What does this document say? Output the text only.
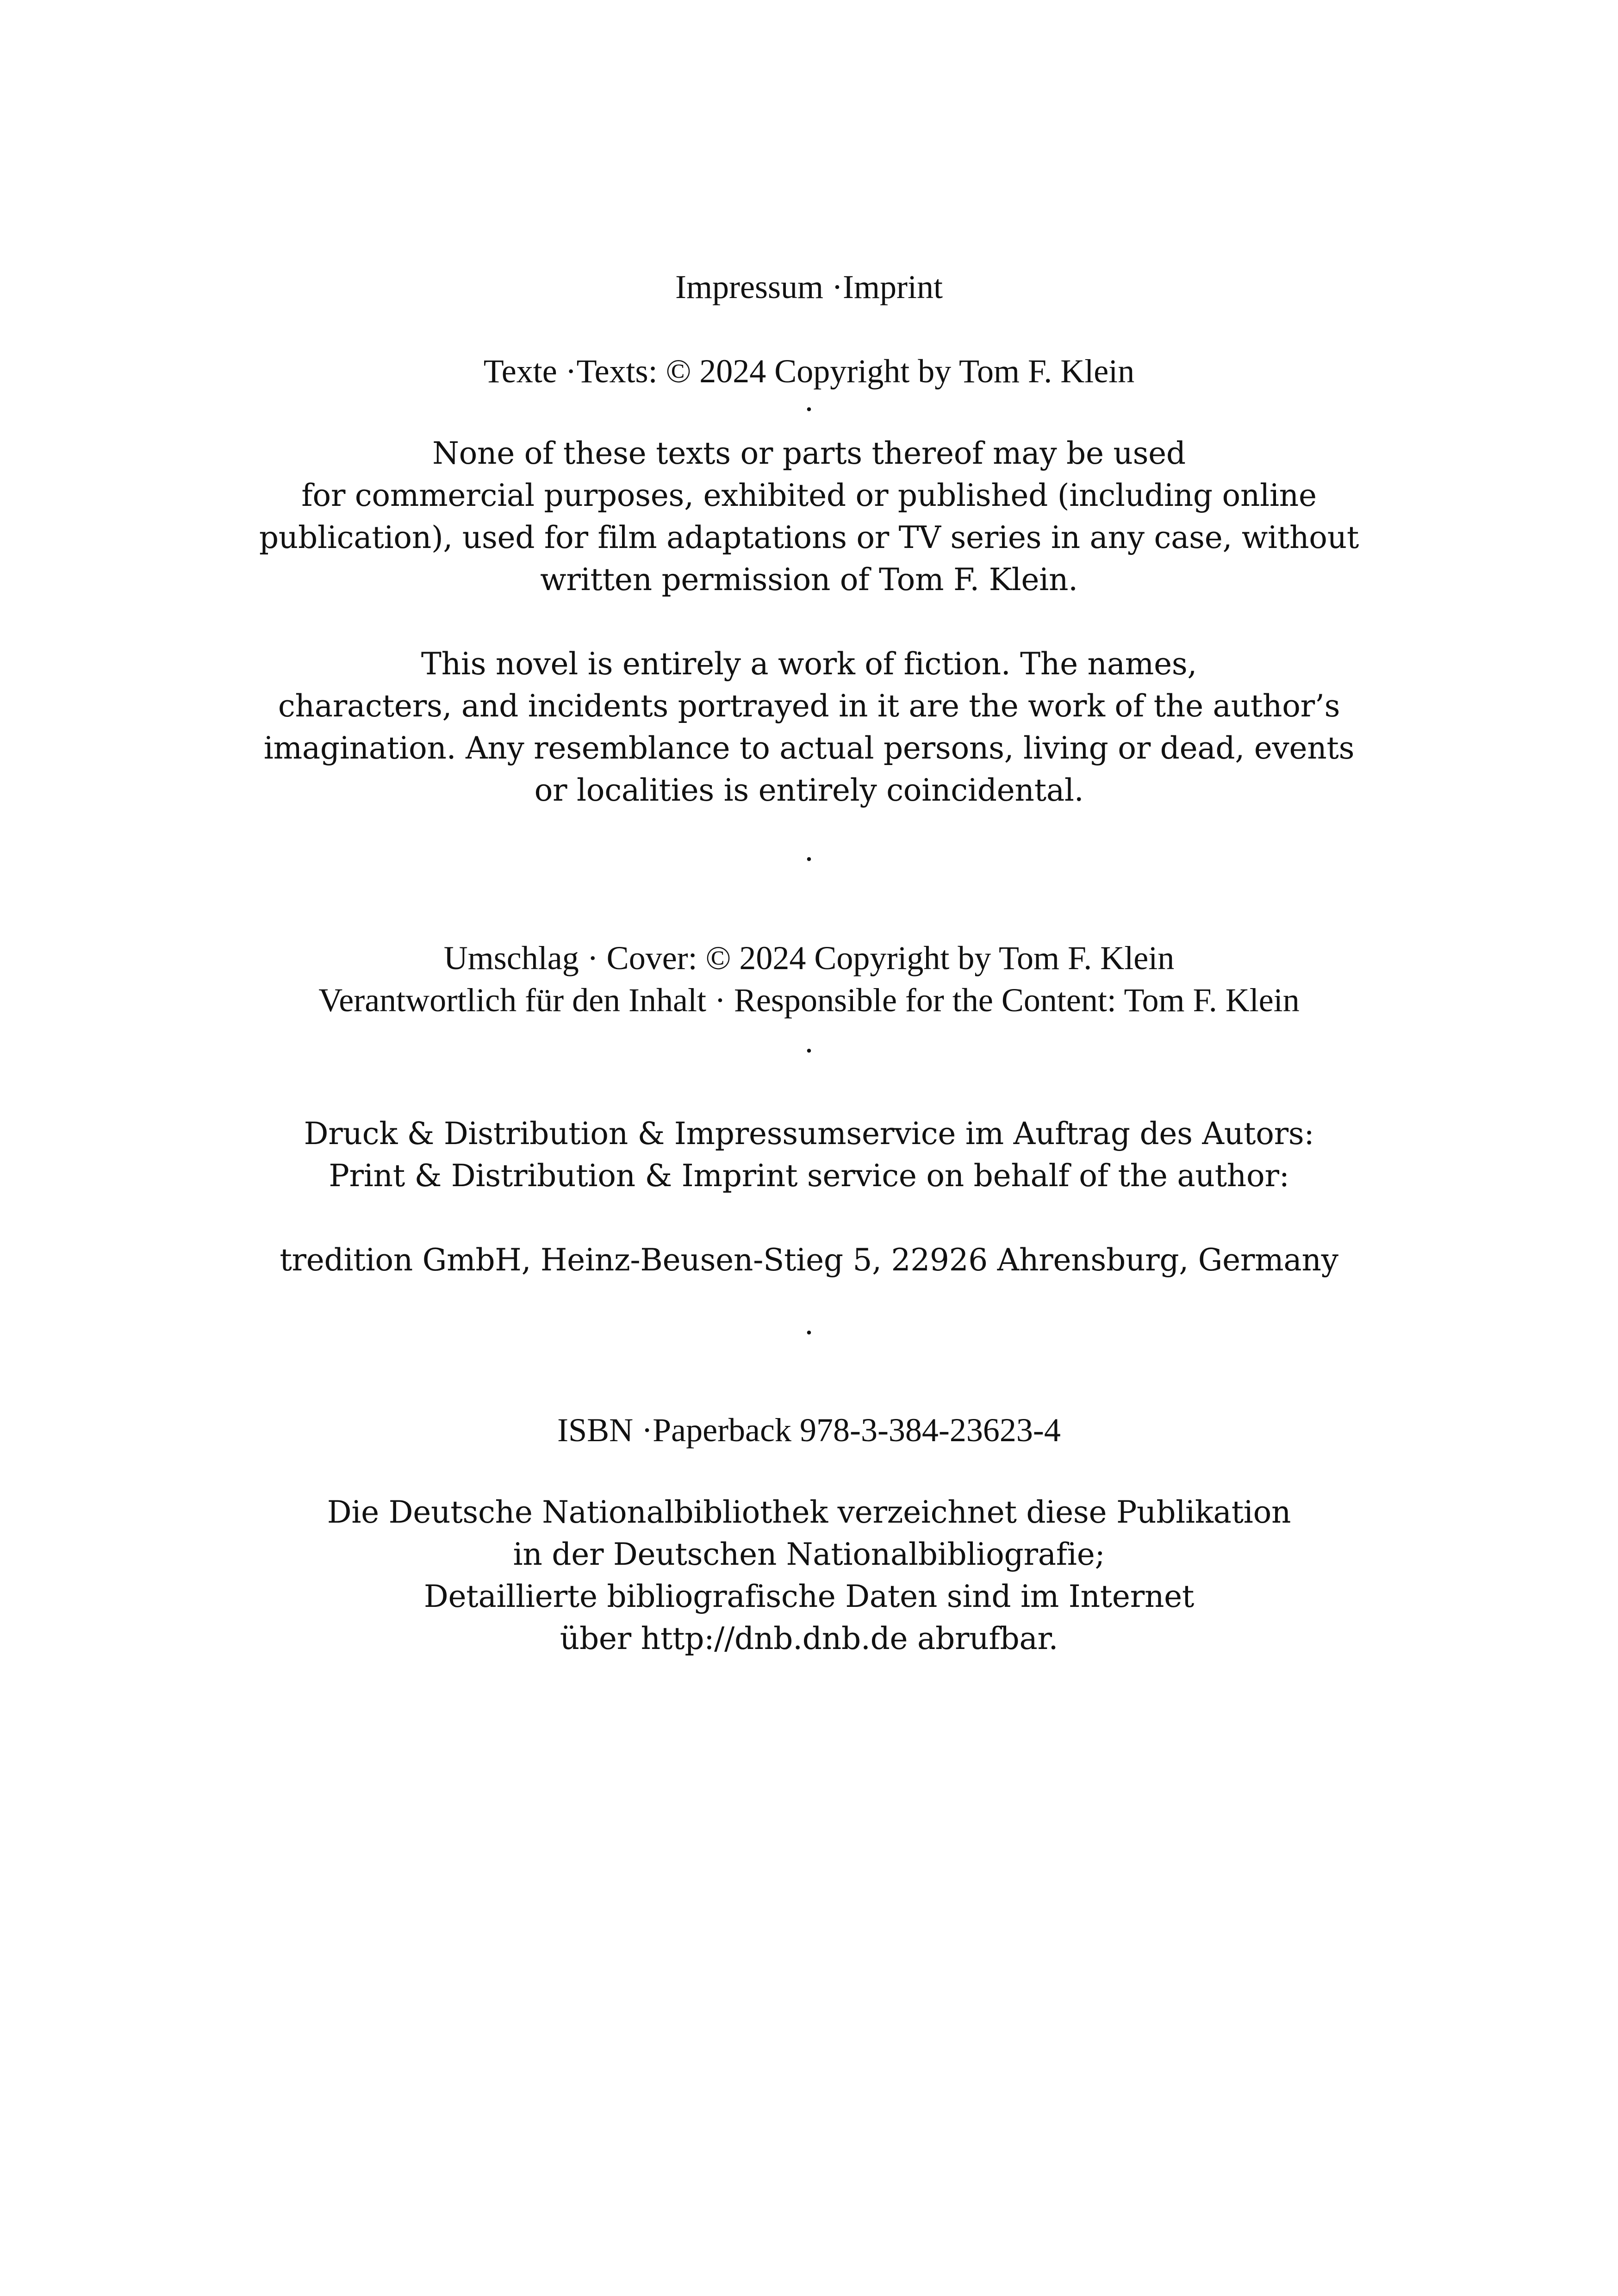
Impressum ·Imprint
Texte ·Texts: © 2024 Copyright by Tom F. Klein
·
None of these texts or parts thereof may be used
for commercial purposes, exhibited or published (including online
publication), used for film adaptations or TV series in any case, without
written permission of Tom F. Klein.
This novel is entirely a work of fiction. The names,
characters, and incidents portrayed in it are the work of the author’s
imagination. Any resemblance to actual persons, living or dead, events
or localities is entirely coincidental.
·
Umschlag · Cover: © 2024 Copyright by Tom F. Klein
Verantwortlich für den Inhalt · Responsible for the Content: Tom F. Klein
·
Druck & Distribution & Impressumservice im Auftrag des Autors:
Print & Distribution & Imprint service on behalf of the author:
tredition GmbH, Heinz-Beusen-Stieg 5, 22926 Ahrensburg, Germany
·
ISBN ·Paperback 978-3-384-23623-4
Die Deutsche Nationalbibliothek verzeichnet diese Publikation
in der Deutschen Nationalbibliografie;
Detaillierte bibliografische Daten sind im Internet
über http://dnb.dnb.de abrufbar.
